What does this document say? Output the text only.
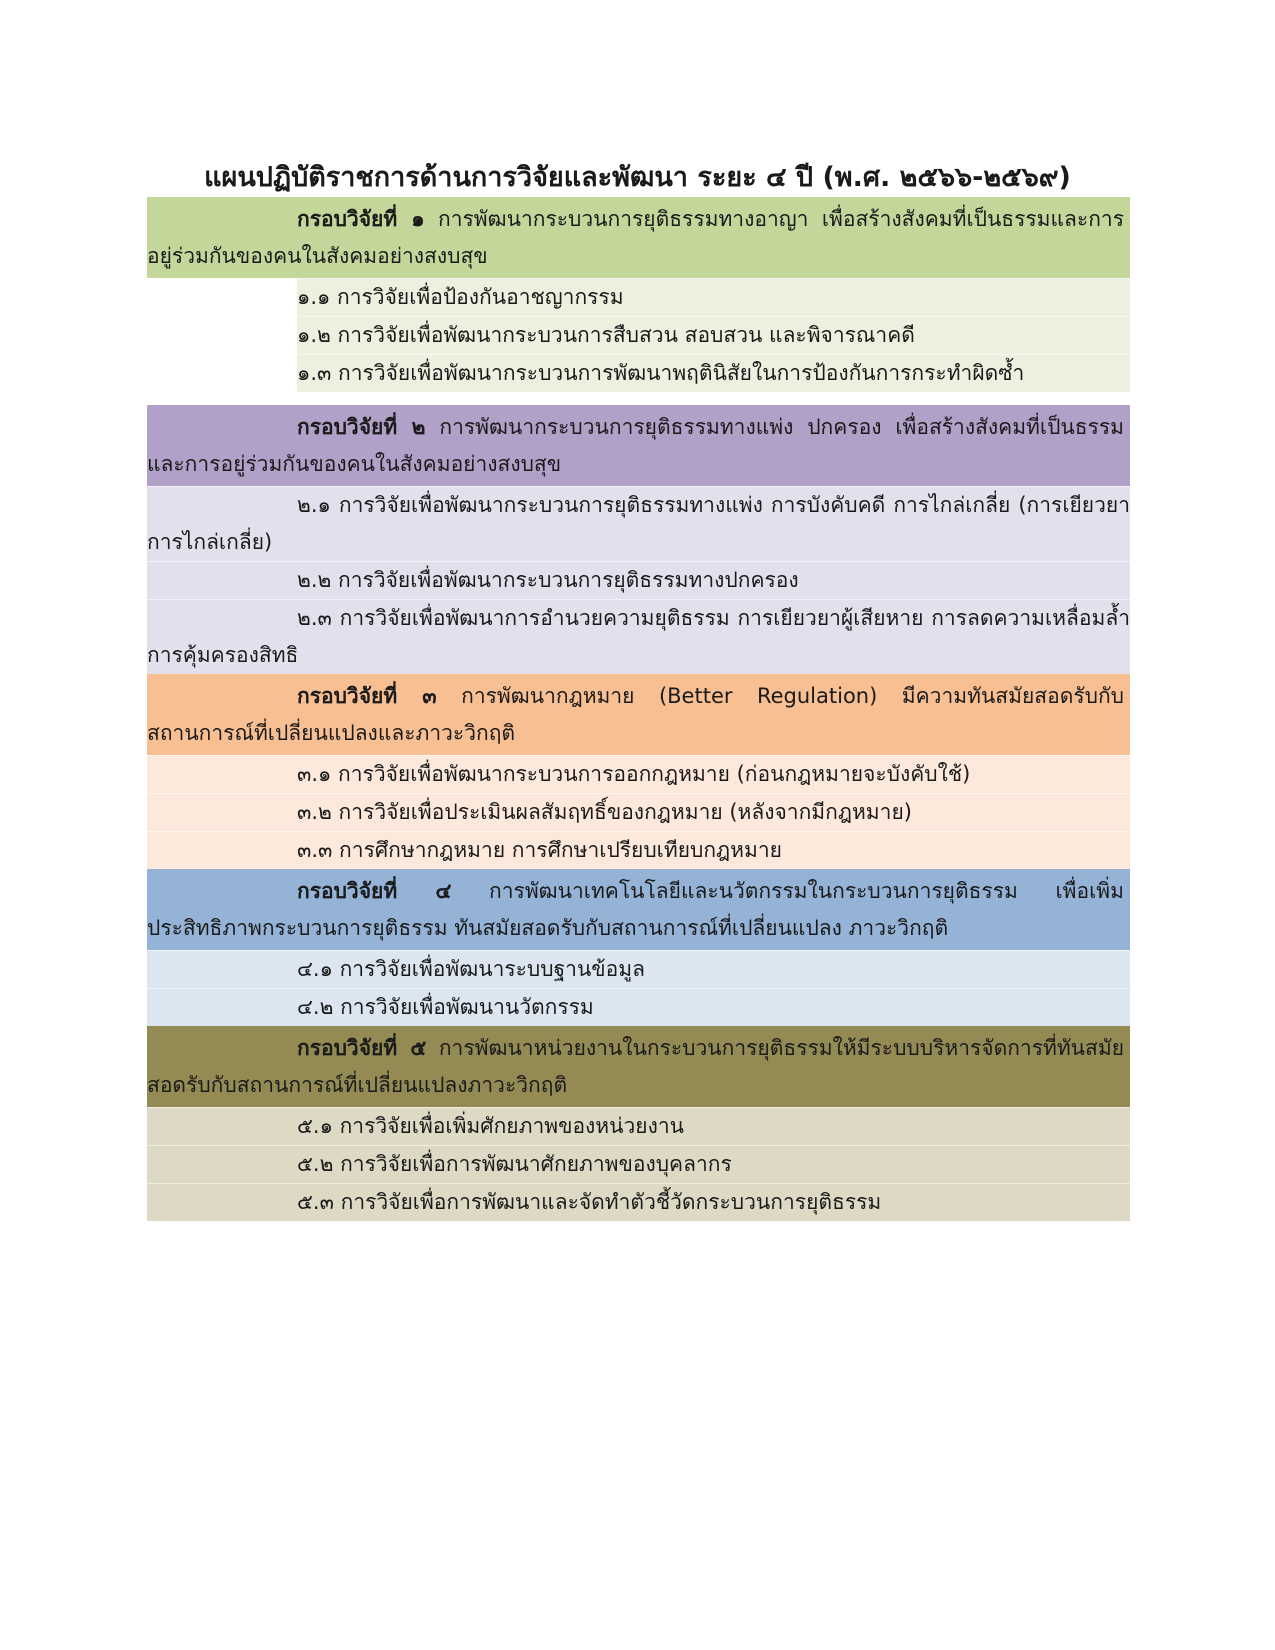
แผนปฏิบัติราชการด้านการวิจัยและพัฒนา ระยะ ๔ ปี (พ.ศ. ๒๕๖๖-๒๕๖๙)
กรอบวิจัยที่ ๑ การพัฒนากระบวนการยุติธรรมทางอาญา เพื่อสร้างสังคมที่เป็นธรรมและการอยู่ร่วมกันของคนในสังคมอย่างสงบสุข
๑.๑ การวิจัยเพื่อป้องกันอาชญากรรม
๑.๒ การวิจัยเพื่อพัฒนากระบวนการสืบสวน สอบสวน และพิจารณาคดี
๑.๓ การวิจัยเพื่อพัฒนากระบวนการพัฒนาพฤตินิสัยในการป้องกันการกระทำผิดซ้ำ
กรอบวิจัยที่ ๒ การพัฒนากระบวนการยุติธรรมทางแพ่ง ปกครอง เพื่อสร้างสังคมที่เป็นธรรมและการอยู่ร่วมกันของคนในสังคมอย่างสงบสุข
๒.๑ การวิจัยเพื่อพัฒนากระบวนการยุติธรรมทางแพ่ง การบังคับคดี การไกล่เกลี่ย (การเยียวยาการไกล่เกลี่ย)
๒.๒ การวิจัยเพื่อพัฒนากระบวนการยุติธรรมทางปกครอง
๒.๓ การวิจัยเพื่อพัฒนาการอำนวยความยุติธรรม การเยียวยาผู้เสียหาย การลดความเหลื่อมล้ำการคุ้มครองสิทธิ
กรอบวิจัยที่ ๓ การพัฒนากฎหมาย (Better Regulation) มีความทันสมัยสอดรับกับสถานการณ์ที่เปลี่ยนแปลงและภาวะวิกฤติ
๓.๑ การวิจัยเพื่อพัฒนากระบวนการออกกฎหมาย (ก่อนกฎหมายจะบังคับใช้)
๓.๒ การวิจัยเพื่อประเมินผลสัมฤทธิ์ของกฎหมาย (หลังจากมีกฎหมาย)
๓.๓ การศึกษากฎหมาย การศึกษาเปรียบเทียบกฎหมาย
กรอบวิจัยที่ ๔ การพัฒนาเทคโนโลยีและนวัตกรรมในกระบวนการยุติธรรม เพื่อเพิ่มประสิทธิภาพกระบวนการยุติธรรม ทันสมัยสอดรับกับสถานการณ์ที่เปลี่ยนแปลง ภาวะวิกฤติ
๔.๑ การวิจัยเพื่อพัฒนาระบบฐานข้อมูล
๔.๒ การวิจัยเพื่อพัฒนานวัตกรรม
กรอบวิจัยที่ ๕ การพัฒนาหน่วยงานในกระบวนการยุติธรรมให้มีระบบบริหารจัดการที่ทันสมัยสอดรับกับสถานการณ์ที่เปลี่ยนแปลงภาวะวิกฤติ
๕.๑ การวิจัยเพื่อเพิ่มศักยภาพของหน่วยงาน
๕.๒ การวิจัยเพื่อการพัฒนาศักยภาพของบุคลากร
๕.๓ การวิจัยเพื่อการพัฒนาและจัดทำตัวชี้วัดกระบวนการยุติธรรม
